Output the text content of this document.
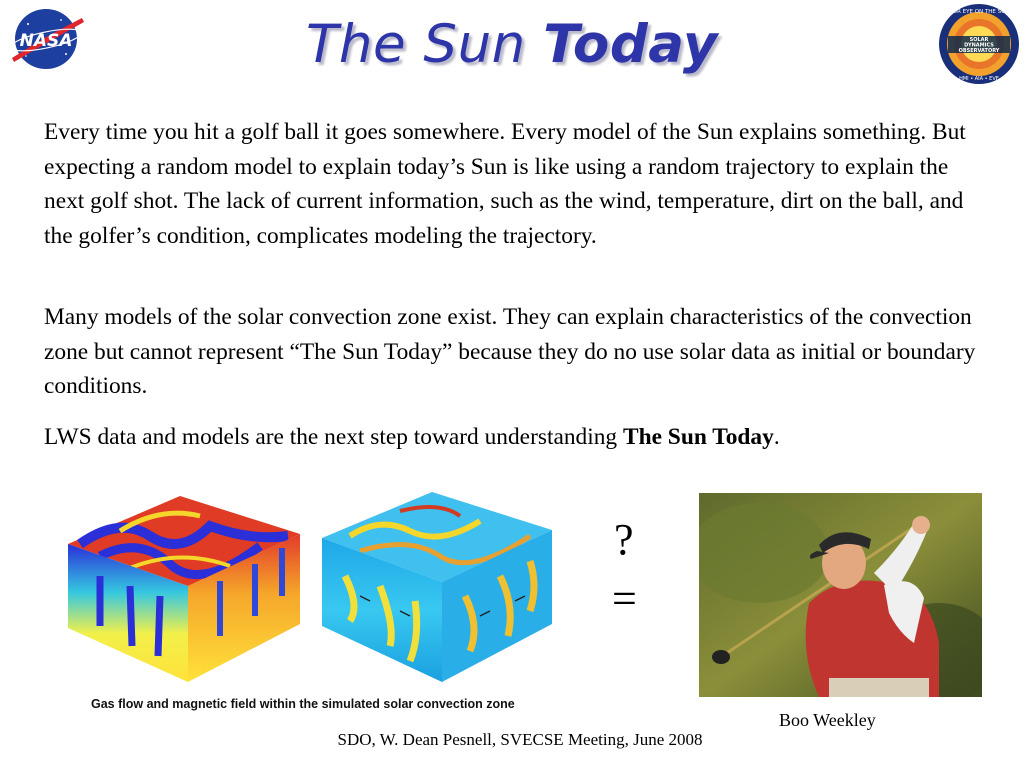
NASA
OUR EYE ON THE SUN
SOLAR
DYNAMICS
OBSERVATORY
HMI • AIA • EVE
The Sun Today
Every time you hit a golf ball it goes somewhere. Every model of the Sun explains something. But expecting a random model to explain today’s Sun is like using a random trajectory to explain the next golf shot. The lack of current information, such as the wind, temperature, dirt on the ball, and the golfer’s condition, complicates modeling the trajectory.
Many models of the solar convection zone exist. They can explain characteristics of the convection zone but cannot represent “The Sun Today” because they do no use solar data as initial or boundary conditions.
LWS data and models are the next step toward understanding The Sun Today.
Gas flow and magnetic field within the simulated solar convection zone
?
=
Boo Weekley
SDO, W. Dean Pesnell, SVECSE Meeting, June 2008
